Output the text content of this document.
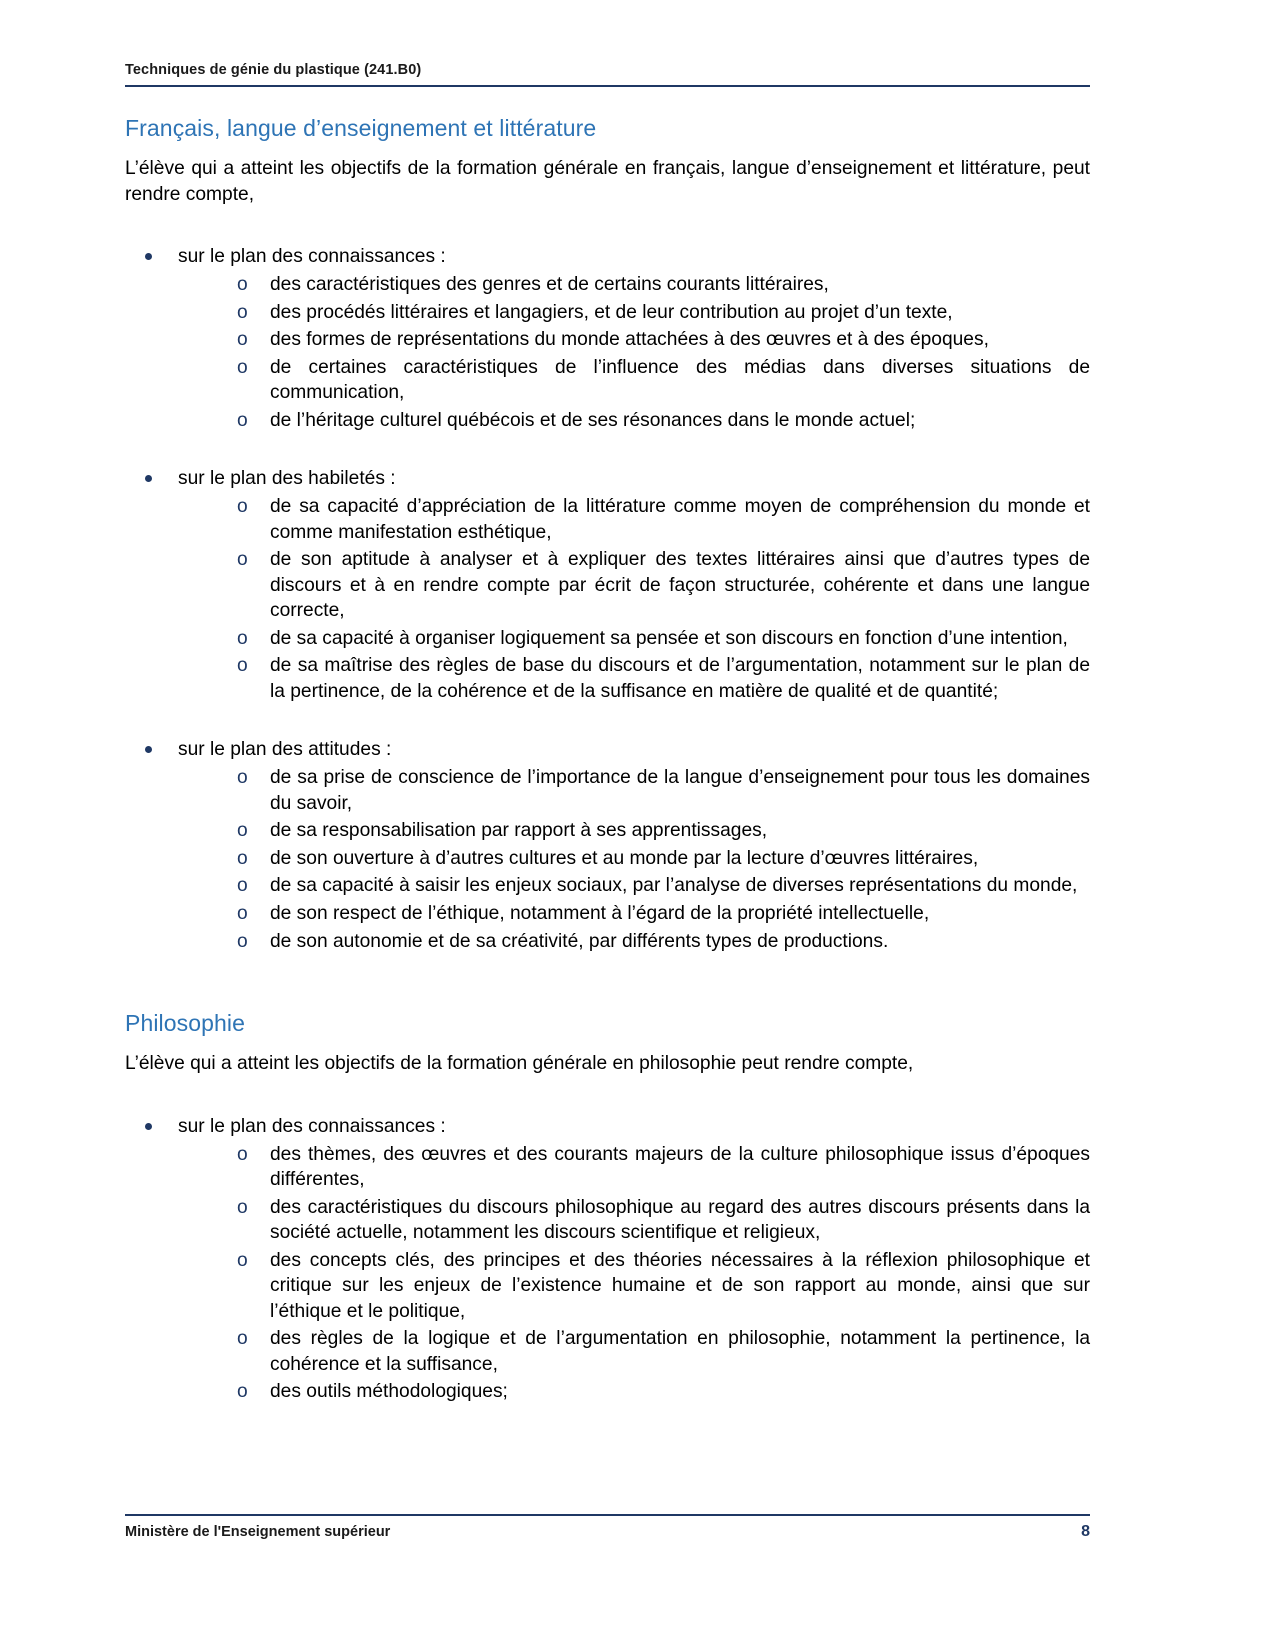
Techniques de génie du plastique (241.B0)
Français, langue d’enseignement et littérature

L’élève qui a atteint les objectifs de la formation générale en français, langue d’enseignement et littérature, peut rendre compte,

sur le plan des connaissances :
o des caractéristiques des genres et de certains courants littéraires,
o des procédés littéraires et langagiers, et de leur contribution au projet d’un texte,
o des formes de représentations du monde attachées à des œuvres et à des époques,
o de certaines caractéristiques de l’influence des médias dans diverses situations de communication,
o de l’héritage culturel québécois et de ses résonances dans le monde actuel;
sur le plan des habiletés :
o de sa capacité d’appréciation de la littérature comme moyen de compréhension du monde et comme manifestation esthétique,
o de son aptitude à analyser et à expliquer des textes littéraires ainsi que d’autres types de discours et à en rendre compte par écrit de façon structurée, cohérente et dans une langue correcte,
o de sa capacité à organiser logiquement sa pensée et son discours en fonction d’une intention,
o de sa maîtrise des règles de base du discours et de l’argumentation, notamment sur le plan de la pertinence, de la cohérence et de la suffisance en matière de qualité et de quantité;
sur le plan des attitudes :
o de sa prise de conscience de l’importance de la langue d’enseignement pour tous les domaines du savoir,
o de sa responsabilisation par rapport à ses apprentissages,
o de son ouverture à d’autres cultures et au monde par la lecture d’œuvres littéraires,
o de sa capacité à saisir les enjeux sociaux, par l’analyse de diverses représentations du monde,
o de son respect de l’éthique, notamment à l’égard de la propriété intellectuelle,
o de son autonomie et de sa créativité, par différents types de productions.
Philosophie

L’élève qui a atteint les objectifs de la formation générale en philosophie peut rendre compte,

sur le plan des connaissances :
o des thèmes, des œuvres et des courants majeurs de la culture philosophique issus d’époques différentes,
o des caractéristiques du discours philosophique au regard des autres discours présents dans la société actuelle, notamment les discours scientifique et religieux,
o des concepts clés, des principes et des théories nécessaires à la réflexion philosophique et critique sur les enjeux de l’existence humaine et de son rapport au monde, ainsi que sur l’éthique et le politique,
o des règles de la logique et de l’argumentation en philosophie, notamment la pertinence, la cohérence et la suffisance,
o des outils méthodologiques;
Ministère de l'Enseignement supérieur	8
